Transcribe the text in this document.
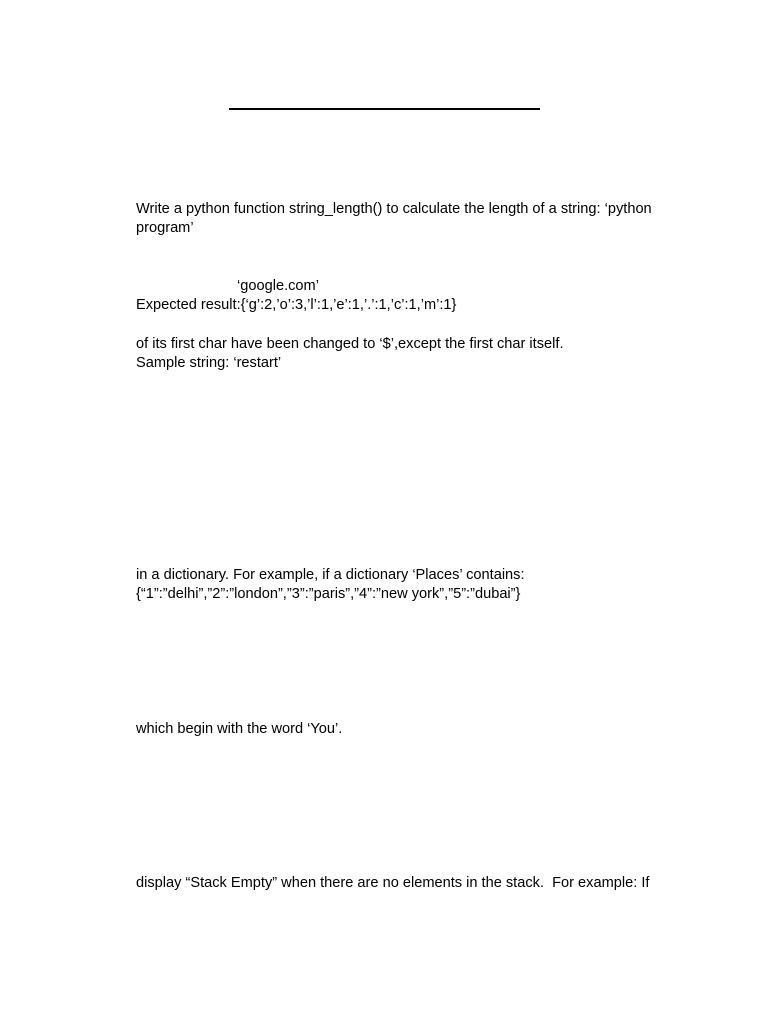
Write a python function string_length() to calculate the length of a string: ‘python
program’
‘google.com’
Expected result:{‘g’:2,’o’:3,’l’:1,’e’:1,’.’:1,’c’:1,’m’:1}
of its first char have been changed to ‘$’,except the first char itself.
Sample string: ‘restart’
in a dictionary. For example, if a dictionary ‘Places’ contains:
{“1”:”delhi”,”2”:”london”,”3”:”paris”,”4”:”new york”,”5”:”dubai”}
which begin with the word ‘You’.
display “Stack Empty” when there are no elements in the stack.  For example: If
